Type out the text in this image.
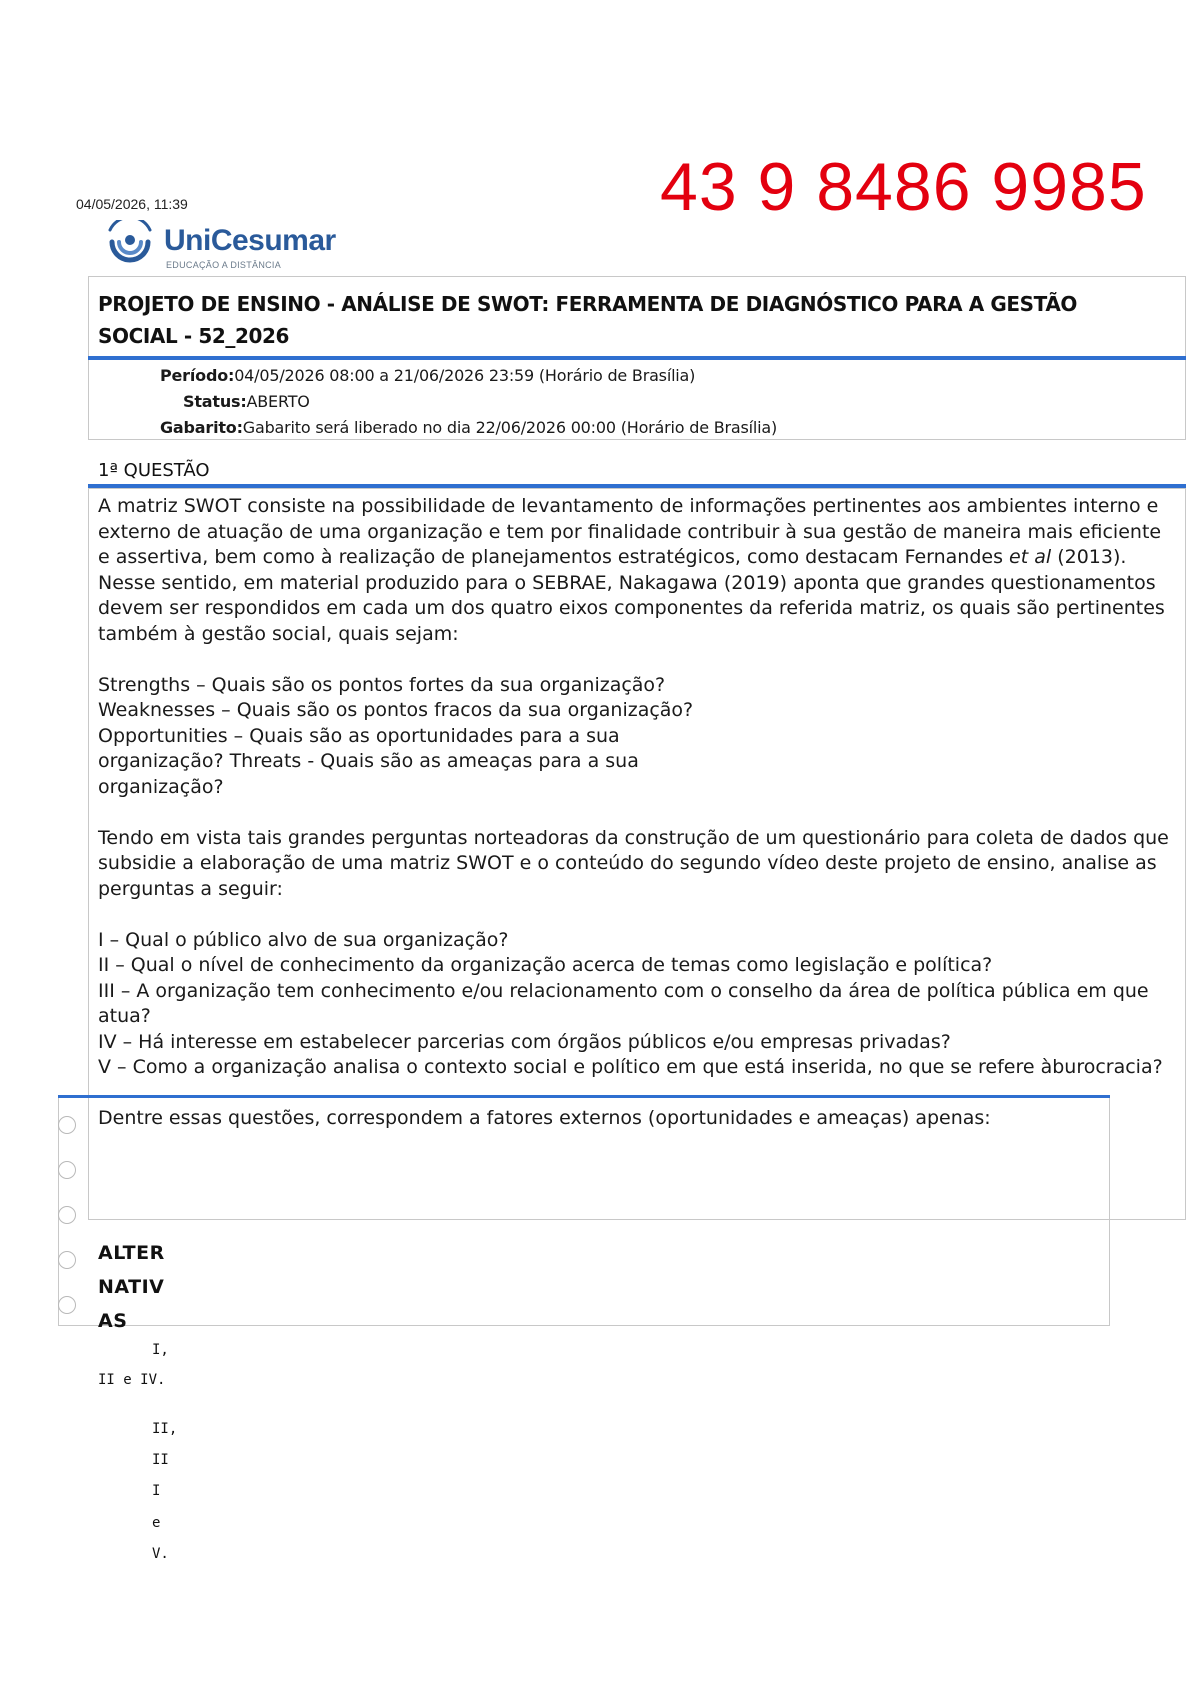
04/05/2026, 11:39	43 9 8486 9985
UniCesumar
EDUCAÇÃO A DISTÂNCIA
PROJETO DE ENSINO - ANÁLISE DE SWOT: FERRAMENTA DE DIAGNÓSTICO PARA A GESTÃO SOCIAL - 52_2026
Período:04/05/2026 08:00 a 21/06/2026 23:59 (Horário de Brasília)
Status:ABERTO
Gabarito:Gabarito será liberado no dia 22/06/2026 00:00 (Horário de Brasília)
1ª QUESTÃO

A matriz SWOT consiste na possibilidade de levantamento de informações pertinentes aos ambientes interno e externo de atuação de uma organização e tem por finalidade contribuir à sua gestão de maneira mais eficiente e assertiva, bem como à realização de planejamentos estratégicos, como destacam Fernandes et al (2013). Nesse sentido, em material produzido para o SEBRAE, Nakagawa (2019) aponta que grandes questionamentos devem ser respondidos em cada um dos quatro eixos componentes da referida matriz, os quais são pertinentes também à gestão social, quais sejam:

Strengths – Quais são os pontos fortes da sua organização?

Weaknesses – Quais são os pontos fracos da sua organização?

Opportunities – Quais são as oportunidades para a sua

organização? Threats - Quais são as ameaças para a sua

organização?

Tendo em vista tais grandes perguntas norteadoras da construção de um questionário para coleta de dados que subsidie a elaboração de uma matriz SWOT e o conteúdo do segundo vídeo deste projeto de ensino, analise as perguntas a seguir:

I – Qual o público alvo de sua organização?

II – Qual o nível de conhecimento da organização acerca de temas como legislação e política?

III – A organização tem conhecimento e/ou relacionamento com o conselho da área de política pública em que atua?

IV – Há interesse em estabelecer parcerias com órgãos públicos e/ou empresas privadas?

V – Como a organização analisa o contexto social e político em que está inserida, no que se refere àburocracia?

Dentre essas questões, correspondem a fatores externos (oportunidades e ameaças) apenas:

ALTERNATIVAS
I,
II e IV.
II,
II
I
e
V.
